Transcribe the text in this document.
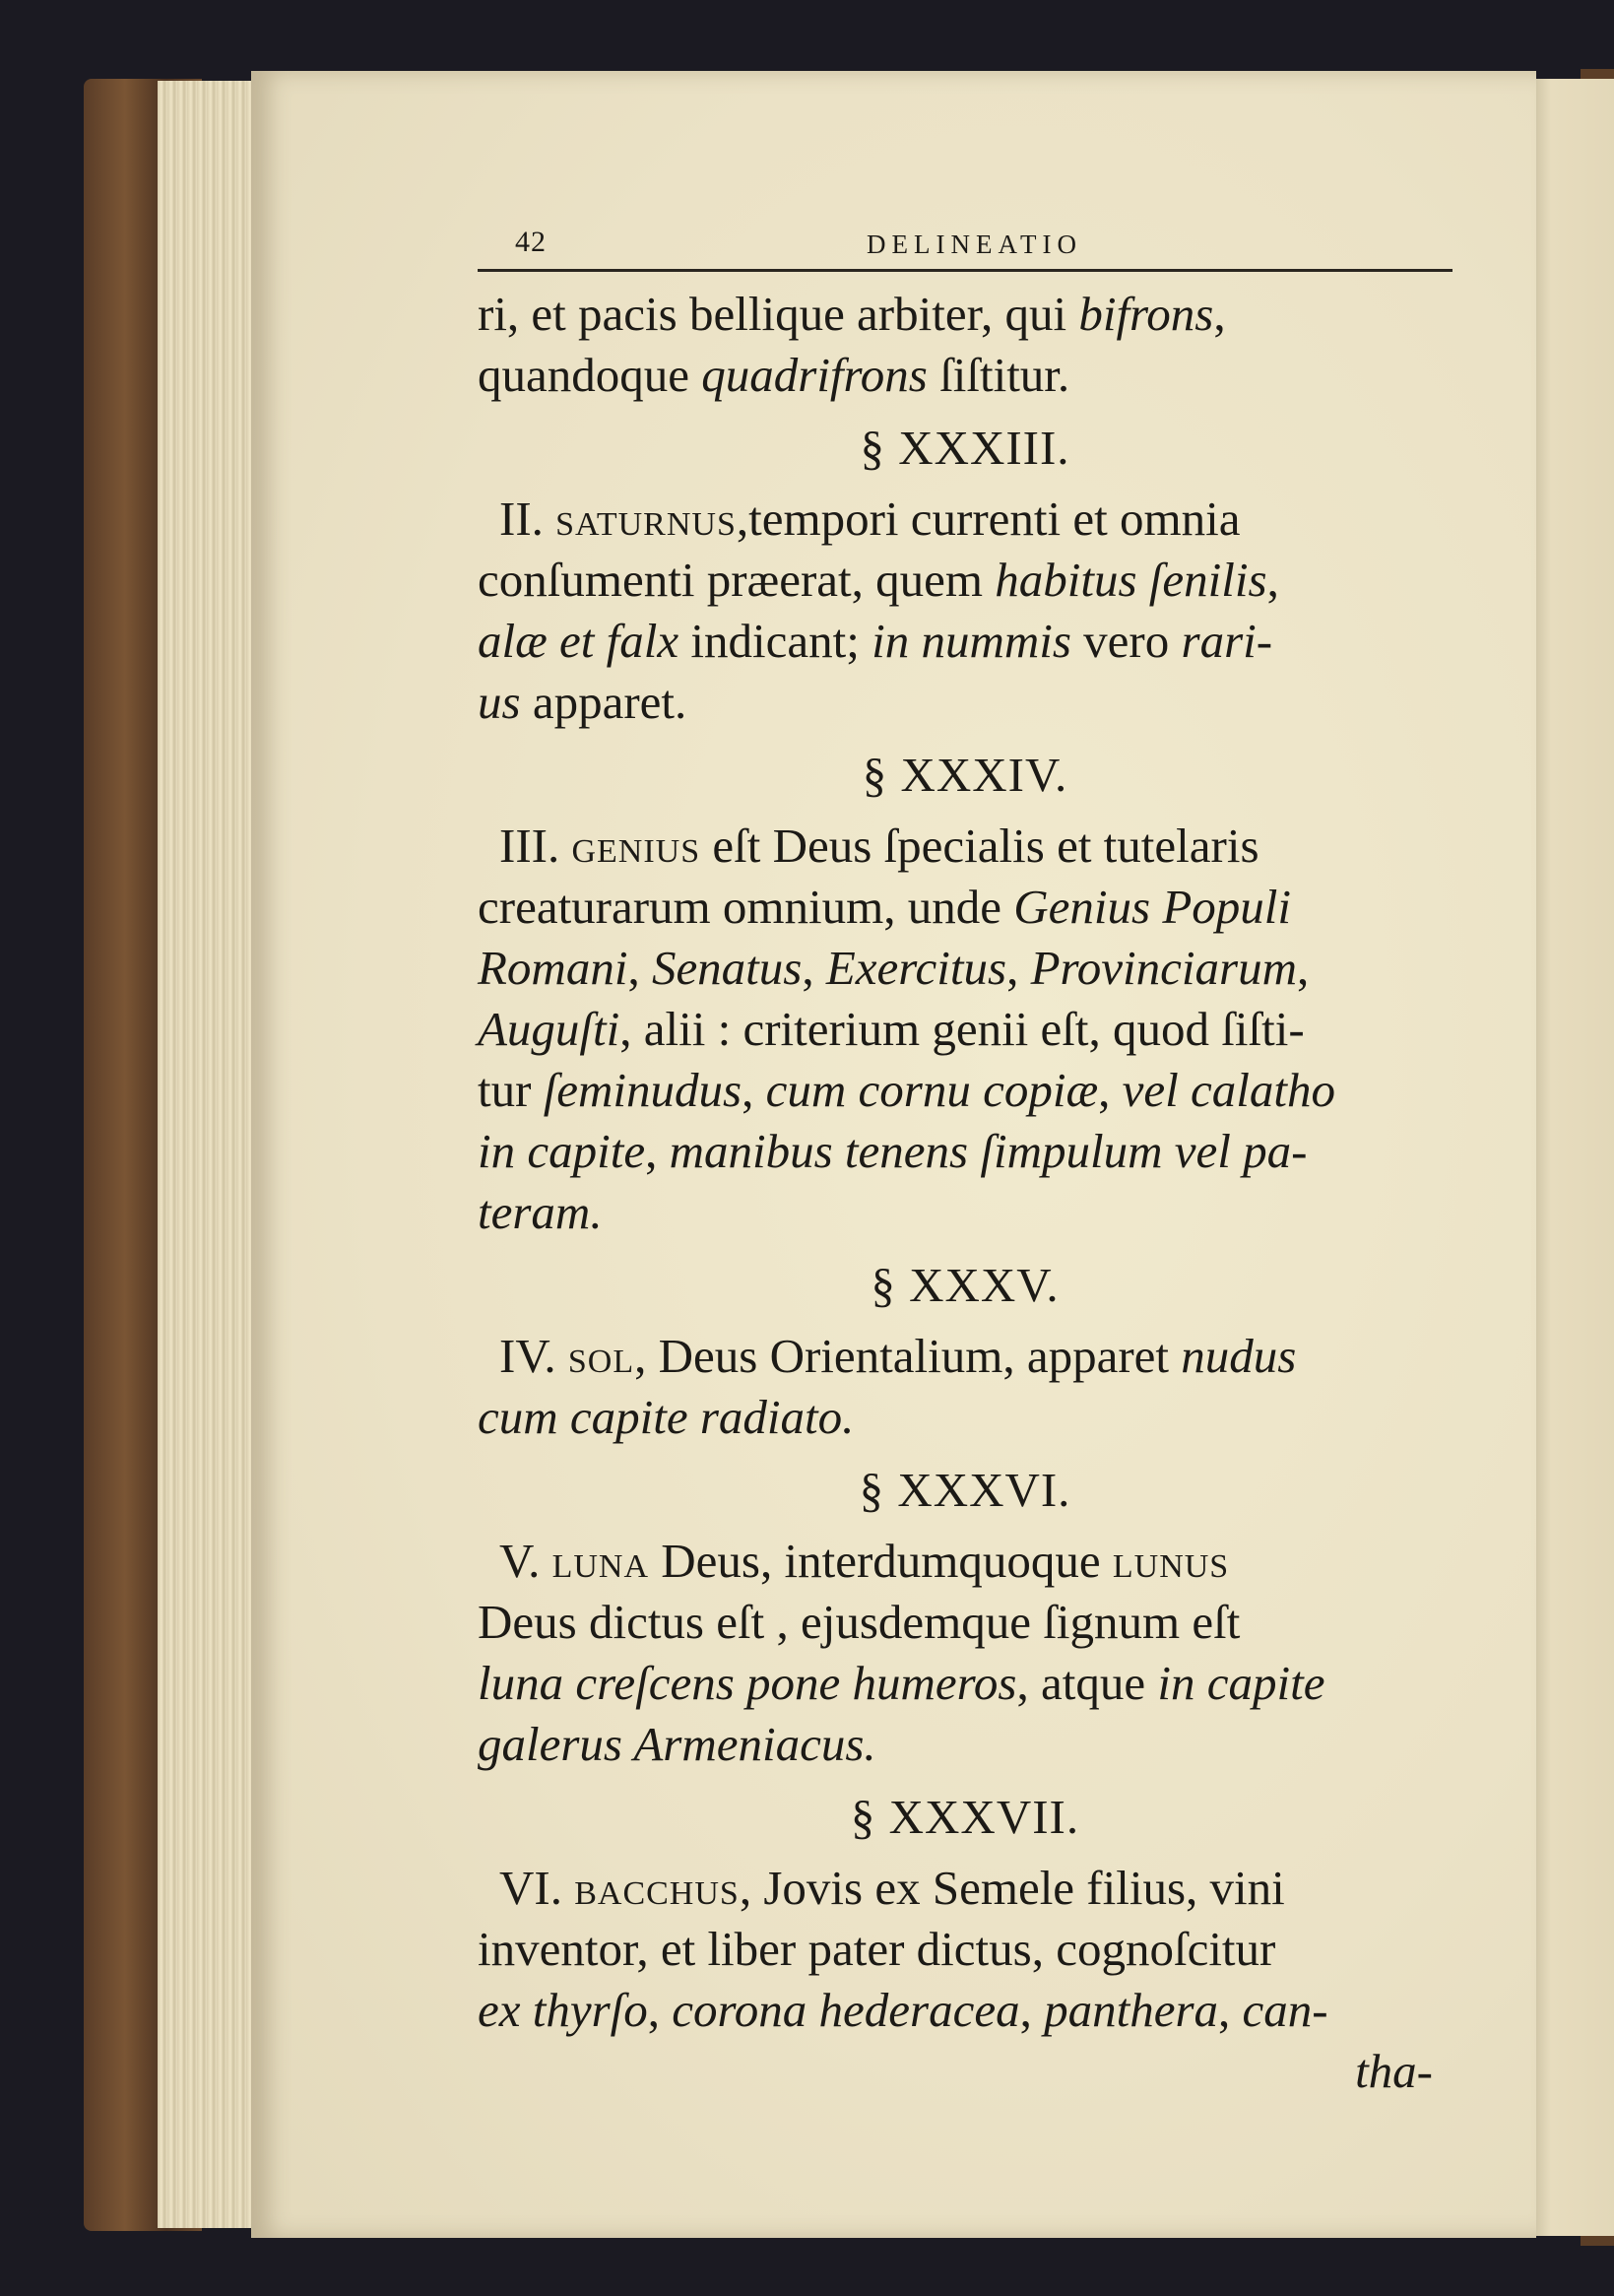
42	DELINEATIO
ri, et pacis bellique arbiter, qui bifrons,
quandoque quadrifrons ſiſtitur.
§ XXXIII.
II. saturnus,tempori currenti et omnia
conſumenti præerat, quem habitus ſenilis,
alæ et falx indicant; in nummis vero rari-
us apparet.
§ XXXIV.
III. genius eſt Deus ſpecialis et tutelaris
creaturarum omnium, unde Genius Populi
Romani, Senatus, Exercitus, Provinciarum,
Auguſti, alii : criterium genii eſt, quod ſiſti-
tur ſeminudus, cum cornu copiæ, vel calatho
in capite, manibus tenens ſimpulum vel pa-
teram.
§ XXXV.
IV. sol, Deus Orientalium, apparet nudus
cum capite radiato.
§ XXXVI.
V. luna Deus, interdumquoque lunus
Deus dictus eſt , ejusdemque ſignum eſt
luna creſcens pone humeros, atque in capite
galerus Armeniacus.
§ XXXVII.
VI. bacchus, Jovis ex Semele filius, vini
inventor, et liber pater dictus, cognoſcitur
ex thyrſo, corona hederacea, panthera, can-
tha-
